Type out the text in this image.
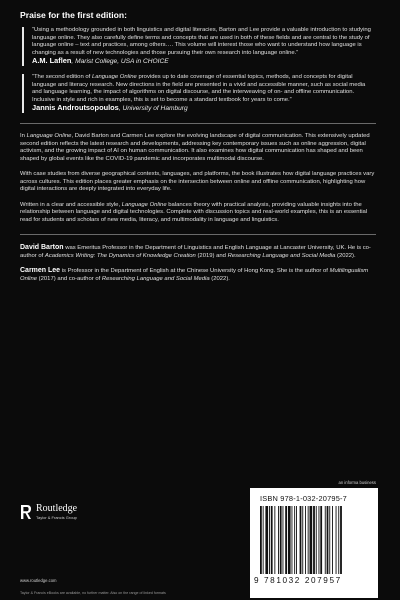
Praise for the first edition:

“Using a methodology grounded in both linguistics and digital literacies, Barton and Lee provide a valuable introduction to studying language online. They also carefully define terms and concepts that are used in both of these fields and are central to the study of language online – text and practices, among others…. This volume will interest those who want to understand how language is changing as a result of new technologies and those pursuing their own research into language online.”

A.M. Laflen, Marist College, USA in CHOICE

“The second edition of Language Online provides up to date coverage of essential topics, methods, and concepts for digital language and literacy research. New directions in the field are presented in a vivid and accessible manner, such as social media and language learning, the impact of algorithms on digital discourse, and the interweaving of on- and offline communication. Inclusive in style and rich in examples, this is set to become a standard textbook for years to come.”

Jannis Androutsopoulos, University of Hamburg

In Language Online, David Barton and Carmen Lee explore the evolving landscape of digital communication. This extensively updated second edition reflects the latest research and developments, addressing key contemporary issues such as online aggression, digital activism, and the growing impact of AI on human communication. It also examines how digital communication has shaped and been shaped by global events like the COVID-19 pandemic and incorporates multimodal discourse.

With case studies from diverse geographical contexts, languages, and platforms, the book illustrates how digital language practices vary across cultures. This edition places greater emphasis on the intersection between online and offline communication, highlighting how digital interactions are deeply integrated into everyday life.

Written in a clear and accessible style, Language Online balances theory with practical analysis, providing valuable insights into the relationship between language and digital technologies. Complete with discussion topics and real-world examples, this is an essential read for students and scholars of new media, literacy, and multimodality in language and linguistics.

David Barton was Emeritus Professor in the Department of Linguistics and English Language at Lancaster University, UK. He is co-author of Academics Writing: The Dynamics of Knowledge Creation (2019) and Researching Language and Social Media (2022).

Carmen Lee is Professor in the Department of English at the Chinese University of Hong Kong. She is the author of Multilingualism Online (2017) and co-author of Researching Language and Social Media (2022).

Routledge
Taylor & Francis Group
www.routledge.com
an informa business
ISBN 978-1-032-20795-7
9 781032 207957
Taylor & Francis eBooks are available, no further matter. Also on the range of linked formats
